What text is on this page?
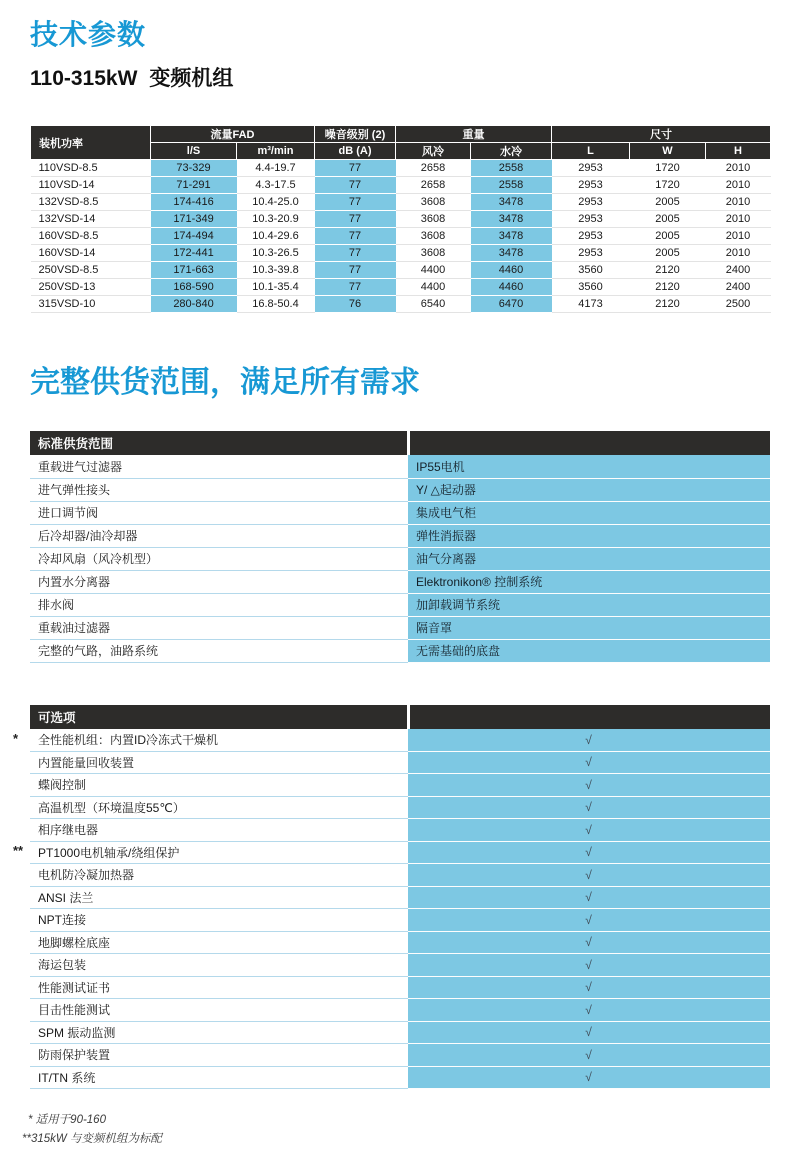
技术参数
110-315kW 变频机组
装机功率	流量FAD		噪音级别 (2)	重量		尺寸		
	l/S	m³/min	dB (A)	风冷	水冷	L	W	H
110VSD-8.5	73-329	4.4-19.7	77	2658	2558	2953	1720	2010
110VSD-14	71-291	4.3-17.5	77	2658	2558	2953	1720	2010
132VSD-8.5	174-416	10.4-25.0	77	3608	3478	2953	2005	2010
132VSD-14	171-349	10.3-20.9	77	3608	3478	2953	2005	2010
160VSD-8.5	174-494	10.4-29.6	77	3608	3478	2953	2005	2010
160VSD-14	172-441	10.3-26.5	77	3608	3478	2953	2005	2010
250VSD-8.5	171-663	10.3-39.8	77	4400	4460	3560	2120	2400
250VSD-13	168-590	10.1-35.4	77	4400	4460	3560	2120	2400
315VSD-10	280-840	16.8-50.4	76	6540	6470	4173	2120	2500
完整供货范围，满足所有需求
标准供货范围	
重载进气过滤器	IP55电机
进气弹性接头	Y/ △起动器
进口调节阀	集成电气柜
后冷却器/油冷却器	弹性消振器
冷却风扇（风冷机型）	油气分离器
内置水分离器	Elektronikon® 控制系统
排水阀	加卸载调节系统
重载油过滤器	隔音罩
完整的气路，油路系统	无需基础的底盘
可选项	

* 全性能机组：内置ID冷冻式干燥机	√
内置能量回收装置	√
蝶阀控制	√
高温机型（环境温度55℃）	√
相序继电器	√

** PT1000电机轴承/绕组保护	√
电机防冷凝加热器	√
ANSI 法兰	√
NPT连接	√
地脚螺栓底座	√
海运包装	√
性能测试证书	√
目击性能测试	√
SPM 振动监测	√
防雨保护装置	√
IT/TN 系统	√
* 适用于90-160
**315kW 与变频机组为标配
